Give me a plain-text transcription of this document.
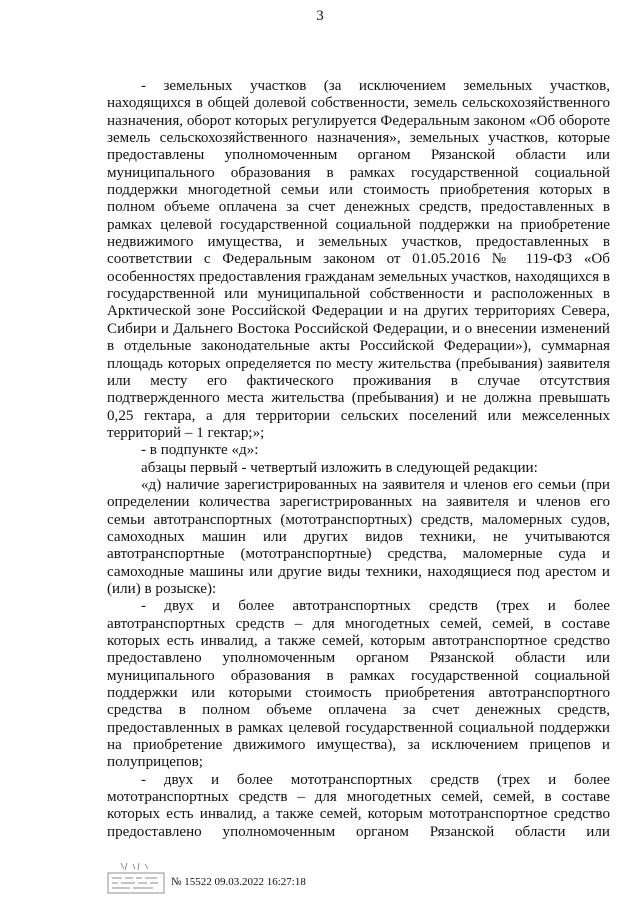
3

- земельных участков (за исключением земельных участков, находящихся в общей долевой собственности, земель сельскохозяйственного назначения, оборот которых регулируется Федеральным законом «Об обороте земель сельскохозяйственного назначения», земельных участков, которые предоставлены уполномоченным органом Рязанской области или муниципального образования в рамках государственной социальной поддержки многодетной семьи или стоимость приобретения которых в полном объеме оплачена за счет денежных средств, предоставленных в рамках целевой государственной социальной поддержки на приобретение недвижимого имущества, и земельных участков, предоставленных в соответствии с Федеральным законом от 01.05.2016 № 119-ФЗ «Об особенностях предоставления гражданам земельных участков, находящихся в государственной или муниципальной собственности и расположенных в Арктической зоне Российской Федерации и на других территориях Севера, Сибири и Дальнего Востока Российской Федерации, и о внесении изменений в отдельные законодательные акты Российской Федерации»), суммарная площадь которых определяется по месту жительства (пребывания) заявителя или месту его фактического проживания в случае отсутствия подтвержденного места жительства (пребывания) и не должна превышать 0,25 гектара, а для территории сельских поселений или межселенных территорий – 1 гектар;»;

- в подпункте «д»:

абзацы первый - четвертый изложить в следующей редакции:

«д) наличие зарегистрированных на заявителя и членов его семьи (при определении количества зарегистрированных на заявителя и членов его семьи автотранспортных (мототранспортных) средств, маломерных судов, самоходных машин или других видов техники, не учитываются автотранспортные (мототранспортные) средства, маломерные суда и самоходные машины или другие виды техники, находящиеся под арестом и (или) в розыске):

- двух и более автотранспортных средств (трех и более автотранспортных средств – для многодетных семей, семей, в составе которых есть инвалид, а также семей, которым автотранспортное средство предоставлено уполномоченным органом Рязанской области или муниципального образования в рамках государственной социальной поддержки или которыми стоимость приобретения автотранспортного средства в полном объеме оплачена за счет денежных средств, предоставленных в рамках целевой государственной социальной поддержки на приобретение движимого имущества), за исключением прицепов и полуприцепов;

- двух и более мототранспортных средств (трех и более мототранспортных средств – для многодетных семей, семей, в составе которых есть инвалид, а также семей, которым мототранспортное средство предоставлено уполномоченным органом Рязанской области или

№ 15522 09.03.2022 16:27:18
